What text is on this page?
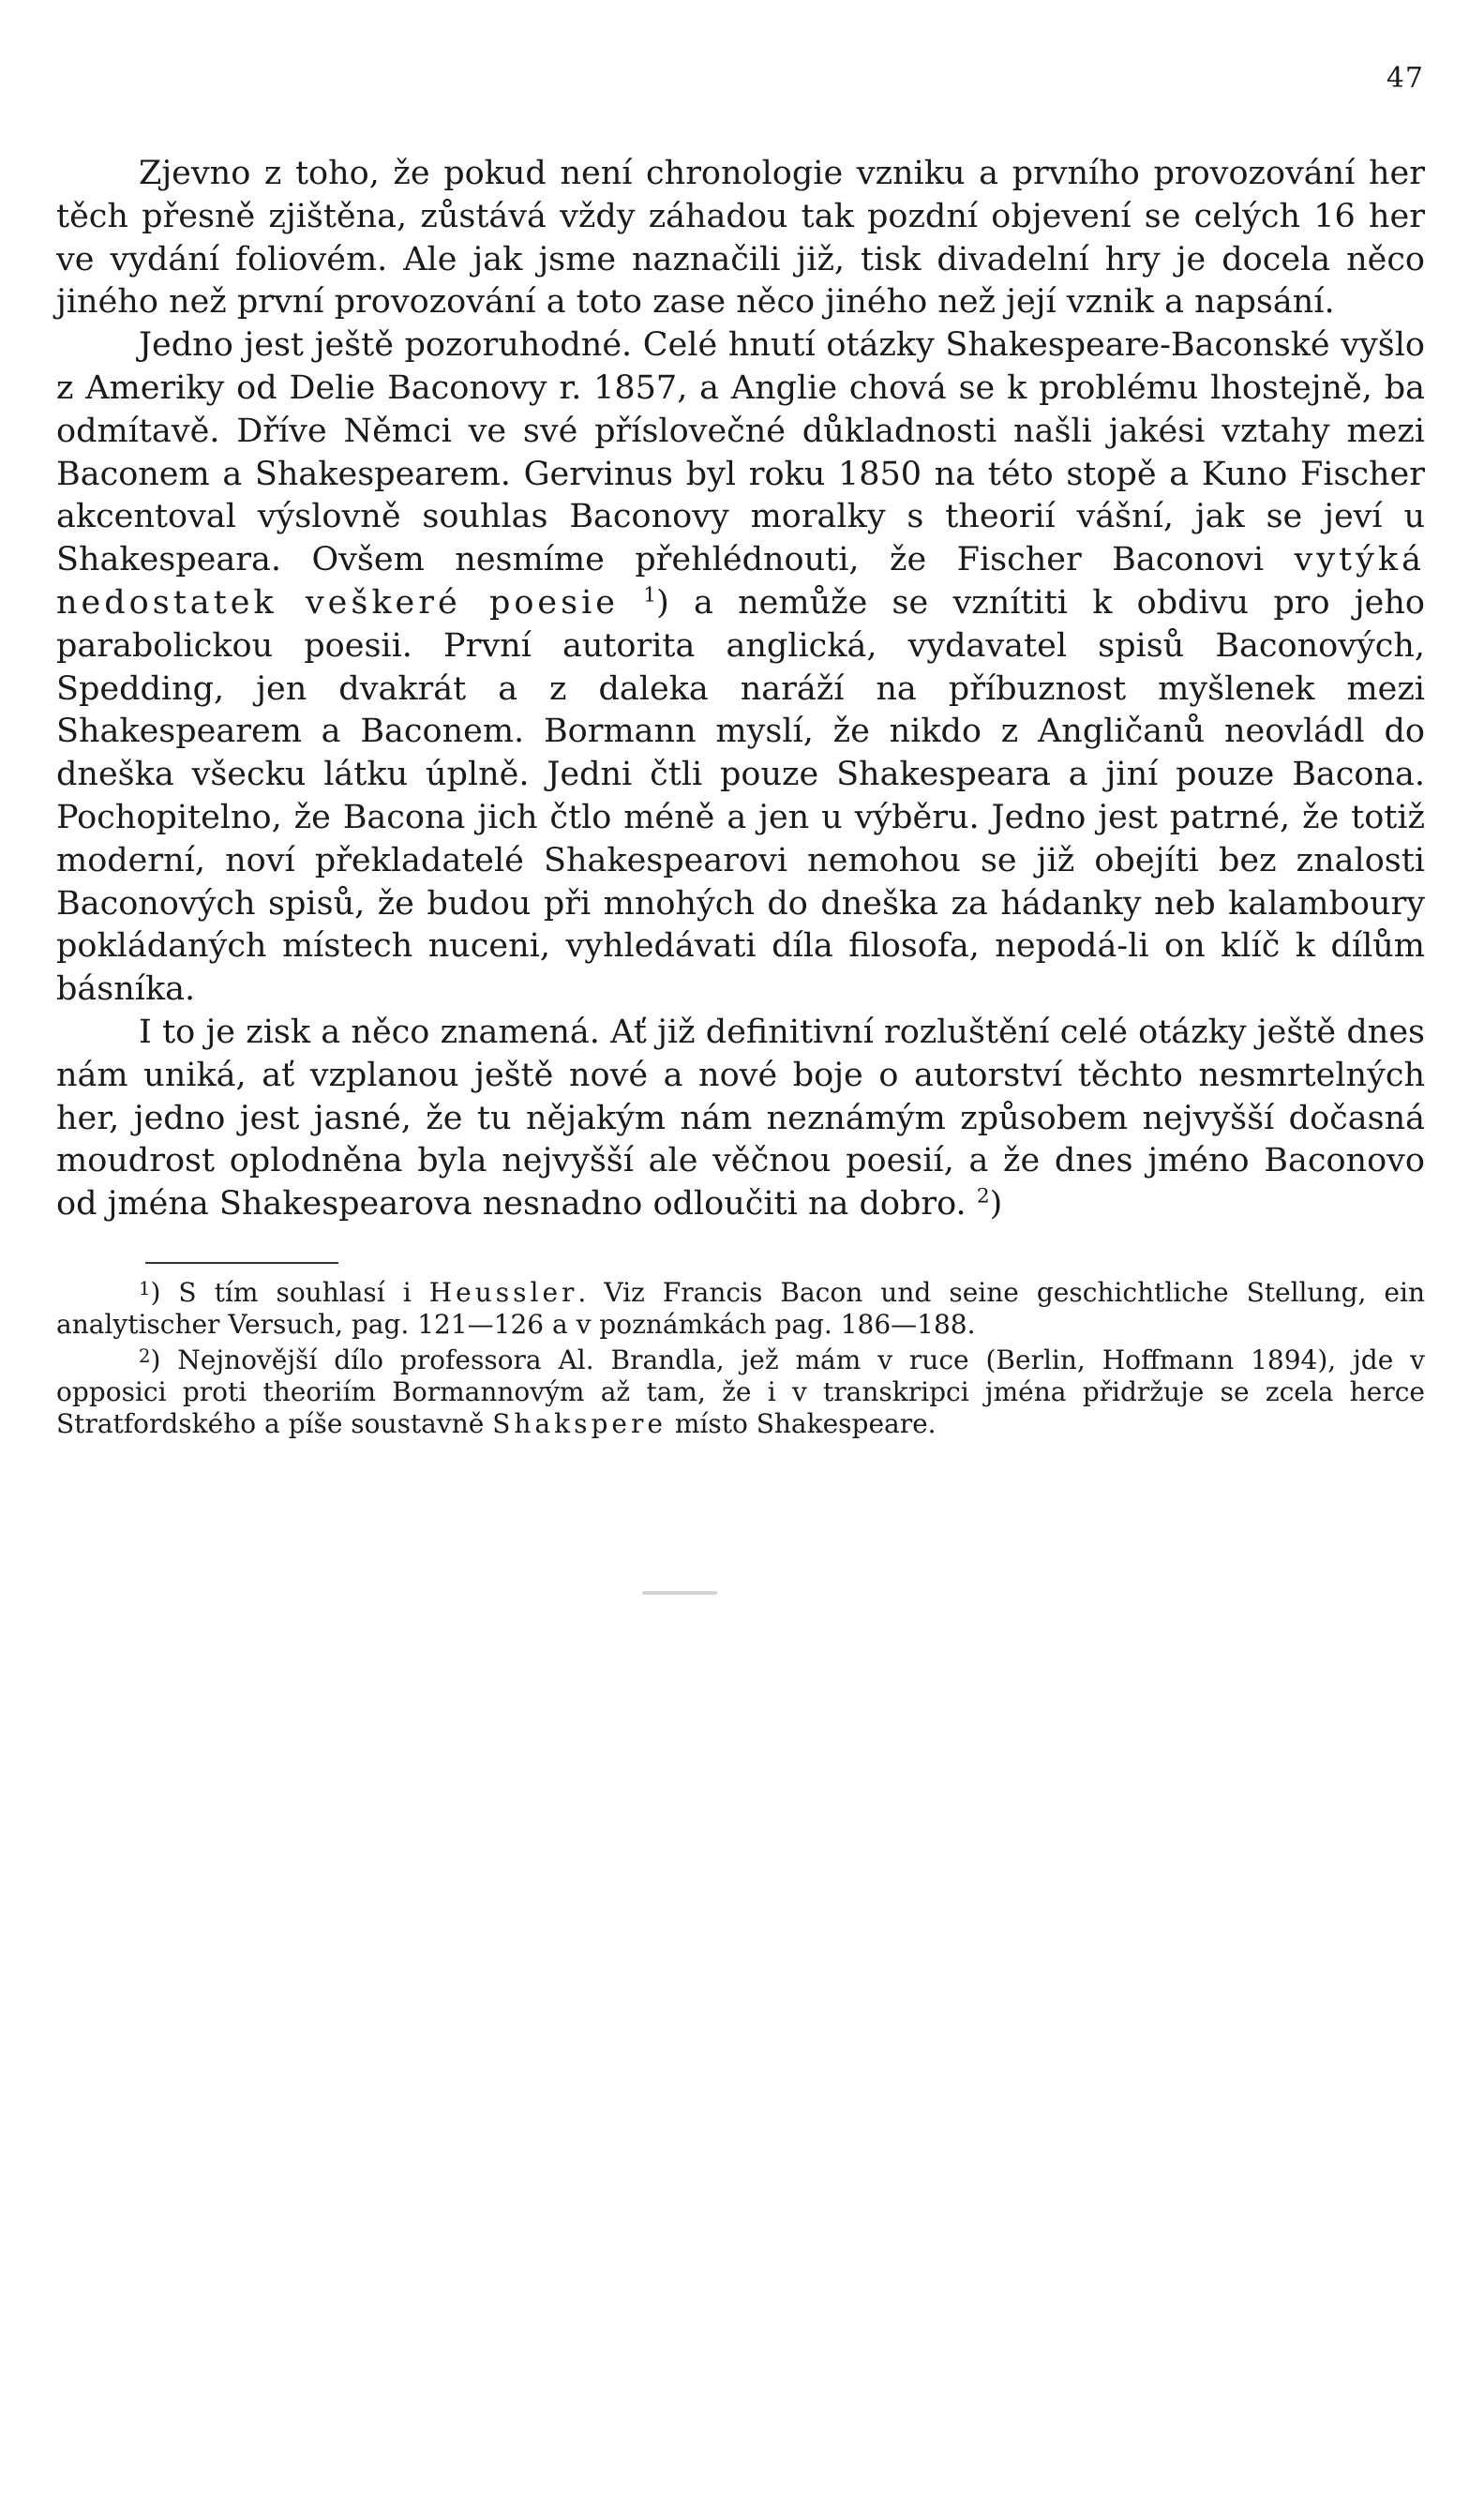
47

Zjevno z toho, že pokud není chronologie vzniku a prvního provozování her těch přesně zjištěna, zůstává vždy záhadou tak pozdní objevení se celých 16 her ve vydání foliovém. Ale jak jsme naznačili již, tisk divadelní hry je docela něco jiného než první provozování a toto zase něco jiného než její vznik a napsání.

Jedno jest ještě pozoruhodné. Celé hnutí otázky Shakespeare-Baconské vyšlo z Ameriky od Delie Baconovy r. 1857, a Anglie chová se k problému lhostejně, ba odmítavě. Dříve Němci ve své příslovečné důkladnosti našli jakési vztahy mezi Baconem a Shakespearem. Gervinus byl roku 1850 na této stopě a Kuno Fischer akcentoval výslovně souhlas Baconovy moralky s theorií vášní, jak se jeví u Shakespeara. Ovšem nesmíme přehlédnouti, že Fischer Baconovi vytýká nedostatek veškeré poesie $^1$) a nemůže se vznítiti k obdivu pro jeho parabolickou poesii. První autorita anglická, vydavatel spisů Baconových, Spedding, jen dvakrát a z daleka naráží na příbuznost myšlenek mezi Shakespearem a Baconem. Bormann myslí, že nikdo z Angličanů neovládl do dneška všecku látku úplně. Jedni čtli pouze Shakespeara a jiní pouze Bacona. Pochopitelno, že Bacona jich čtlo méně a jen u výběru. Jedno jest patrné, že totiž moderní, noví překladatelé Shakespearovi nemohou se již obejíti bez znalosti Baconových spisů, že budou při mnohých do dneška za hádanky neb kalamboury pokládaných místech nuceni, vyhledávati díla filosofa, nepodá-li on klíč k dílům básníka.

I to je zisk a něco znamená. Ať již definitivní rozluštění celé otázky ještě dnes nám uniká, ať vzplanou ještě nové a nové boje o autorství těchto nesmrtelných her, jedno jest jasné, že tu nějakým nám neznámým způsobem nejvyšší dočasná moudrost oplodněna byla nejvyšší ale věčnou poesií, a že dnes jméno Baconovo od jména Shakespearova nesnadno odloučiti na dobro. $^2$)

$^1$) S tím souhlasí i Heussler. Viz Francis Bacon und seine geschichtliche Stellung, ein analytischer Versuch, pag. 121—126 a v poznámkách pag. 186—188.

$^2$) Nejnovější dílo professora Al. Brandla, jež mám v ruce (Berlin, Hoffmann 1894), jde v opposici proti theoriím Bormannovým až tam, že i v transkripci jména přidržuje se zcela herce Stratfordského a píše soustavně Shakspere místo Shakespeare.
